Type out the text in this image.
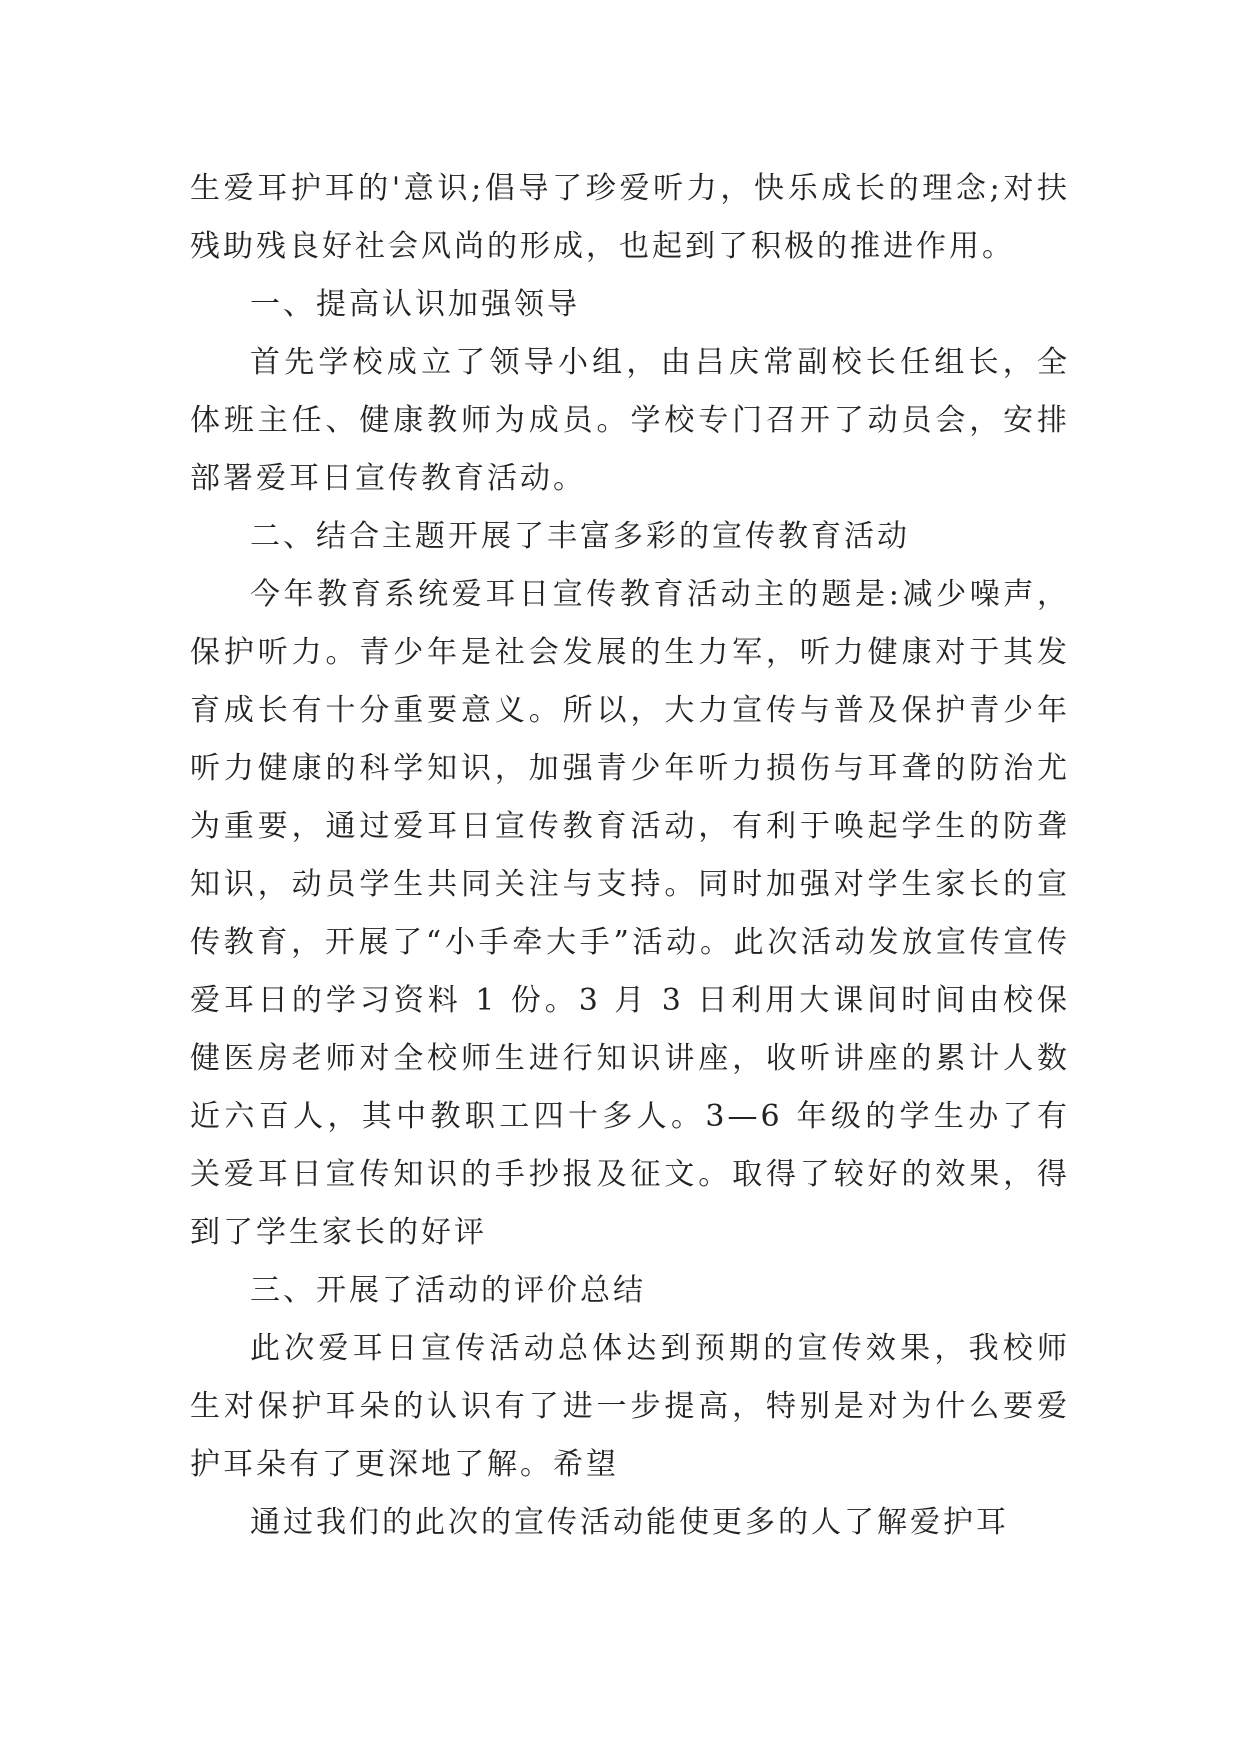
生爱耳护耳的'意识;倡导了珍爱听力，快乐成长的理念;对扶残助残良好社会风尚的形成，也起到了积极的推进作用。

一、提高认识加强领导

首先学校成立了领导小组，由吕庆常副校长任组长，全体班主任、健康教师为成员。学校专门召开了动员会，安排部署爱耳日宣传教育活动。

二、结合主题开展了丰富多彩的宣传教育活动

今年教育系统爱耳日宣传教育活动主的题是:减少噪声，保护听力。青少年是社会发展的生力军，听力健康对于其发育成长有十分重要意义。所以，大力宣传与普及保护青少年听力健康的科学知识，加强青少年听力损伤与耳聋的防治尤为重要，通过爱耳日宣传教育活动，有利于唤起学生的防聋知识，动员学生共同关注与支持。同时加强对学生家长的宣传教育，开展了“小手牵大手”活动。此次活动发放宣传宣传爱耳日的学习资料 1 份。3 月 3 日利用大课间时间由校保健医房老师对全校师生进行知识讲座，收听讲座的累计人数近六百人，其中教职工四十多人。3—6 年级的学生办了有关爱耳日宣传知识的手抄报及征文。取得了较好的效果，得到了学生家长的好评

三、开展了活动的评价总结

此次爱耳日宣传活动总体达到预期的宣传效果，我校师生对保护耳朵的认识有了进一步提高，特别是对为什么要爱护耳朵有了更深地了解。希望

通过我们的此次的宣传活动能使更多的人了解爱护耳
